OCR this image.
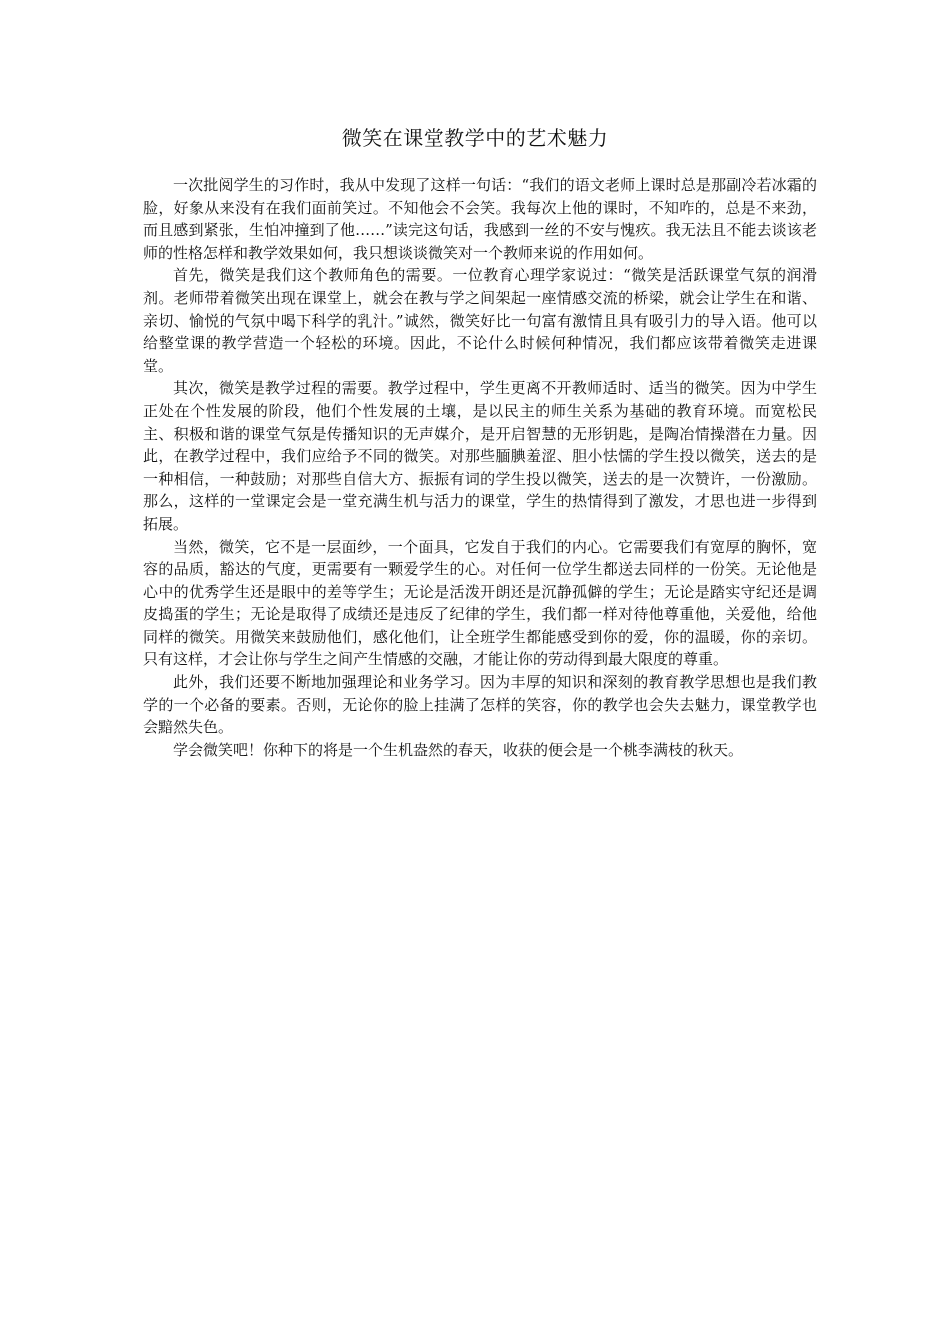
微笑在课堂教学中的艺术魅力

一次批阅学生的习作时，我从中发现了这样一句话：“我们的语文老师上课时总是那副冷若冰霜的脸，好象从来没有在我们面前笑过。不知他会不会笑。我每次上他的课时，不知咋的，总是不来劲，而且感到紧张，生怕冲撞到了他……”读完这句话，我感到一丝的不安与愧疚。我无法且不能去谈该老师的性格怎样和教学效果如何，我只想谈谈微笑对一个教师来说的作用如何。

首先，微笑是我们这个教师角色的需要。一位教育心理学家说过：“微笑是活跃课堂气氛的润滑剂。老师带着微笑出现在课堂上，就会在教与学之间架起一座情感交流的桥梁，就会让学生在和谐、亲切、愉悦的气氛中喝下科学的乳汁。”诚然，微笑好比一句富有激情且具有吸引力的导入语。他可以给整堂课的教学营造一个轻松的环境。因此，不论什么时候何种情况，我们都应该带着微笑走进课堂。

其次，微笑是教学过程的需要。教学过程中，学生更离不开教师适时、适当的微笑。因为中学生正处在个性发展的阶段，他们个性发展的土壤，是以民主的师生关系为基础的教育环境。而宽松民主、积极和谐的课堂气氛是传播知识的无声媒介，是开启智慧的无形钥匙，是陶冶情操潜在力量。因此，在教学过程中，我们应给予不同的微笑。对那些腼腆羞涩、胆小怯懦的学生投以微笑，送去的是一种相信，一种鼓励；对那些自信大方、振振有词的学生投以微笑，送去的是一次赞许，一份激励。那么，这样的一堂课定会是一堂充满生机与活力的课堂，学生的热情得到了激发，才思也进一步得到拓展。

当然，微笑，它不是一层面纱，一个面具，它发自于我们的内心。它需要我们有宽厚的胸怀，宽容的品质，豁达的气度，更需要有一颗爱学生的心。对任何一位学生都送去同样的一份笑。无论他是心中的优秀学生还是眼中的差等学生；无论是活泼开朗还是沉静孤僻的学生；无论是踏实守纪还是调皮捣蛋的学生；无论是取得了成绩还是违反了纪律的学生，我们都一样对待他尊重他，关爱他，给他同样的微笑。用微笑来鼓励他们，感化他们，让全班学生都能感受到你的爱，你的温暖，你的亲切。只有这样，才会让你与学生之间产生情感的交融，才能让你的劳动得到最大限度的尊重。

此外，我们还要不断地加强理论和业务学习。因为丰厚的知识和深刻的教育教学思想也是我们教学的一个必备的要素。否则，无论你的脸上挂满了怎样的笑容，你的教学也会失去魅力，课堂教学也会黯然失色。

学会微笑吧！你种下的将是一个生机盎然的春天，收获的便会是一个桃李满枝的秋天。
